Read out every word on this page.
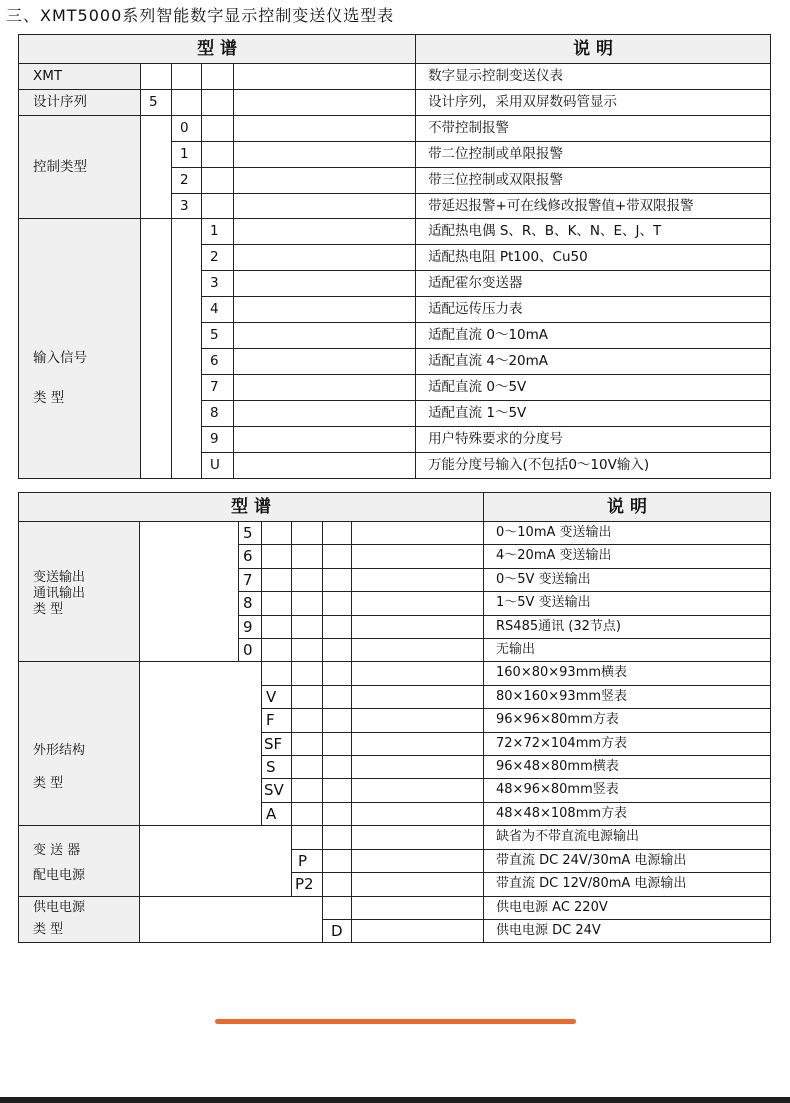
三、XMT5000系列智能数字显示控制变送仪选型表
型 谱					说 明
XMT					数字显示控制变送仪表
设计序列	5				设计序列，采用双屏数码管显示
控制类型		0			不带控制报警
		1			带二位控制或单限报警
		2			带三位控制或双限报警
		3			带延迟报警+可在线修改报警值+带双限报警

输入信号
类 型			1		适配热电偶 S、R、B、K、N、E、J、T
			2		适配热电阻 Pt100、Cu50
			3		适配霍尔变送器
			4		适配远传压力表
			5		适配直流 0～10mA
			6		适配直流 4～20mA
			7		适配直流 0～5V
			8		适配直流 1～5V
			9		用户特殊要求的分度号
			U		万能分度号输入(不包括0～10V输入)
型 谱							说 明

变送输出
通讯输出
类 型		5					0～10mA 变送输出
		6					4～20mA 变送输出
		7					0～5V 变送输出
		8					1～5V 变送输出
		9					RS485通讯 (32节点)
		0					无输出

外形结构
类 型							160×80×93mm横表
			V				80×160×93mm竖表
			F				96×96×80mm方表
			SF				72×72×104mm方表
			S				96×48×80mm横表
			SV				48×96×80mm竖表
			A				48×48×108mm方表

变 送 器
配电电源							缺省为不带直流电源输出
				P			带直流 DC 24V/30mA 电源输出
				P2			带直流 DC 12V/80mA 电源输出

供电电源
类 型							供电电源 AC 220V
					D		供电电源 DC 24V
